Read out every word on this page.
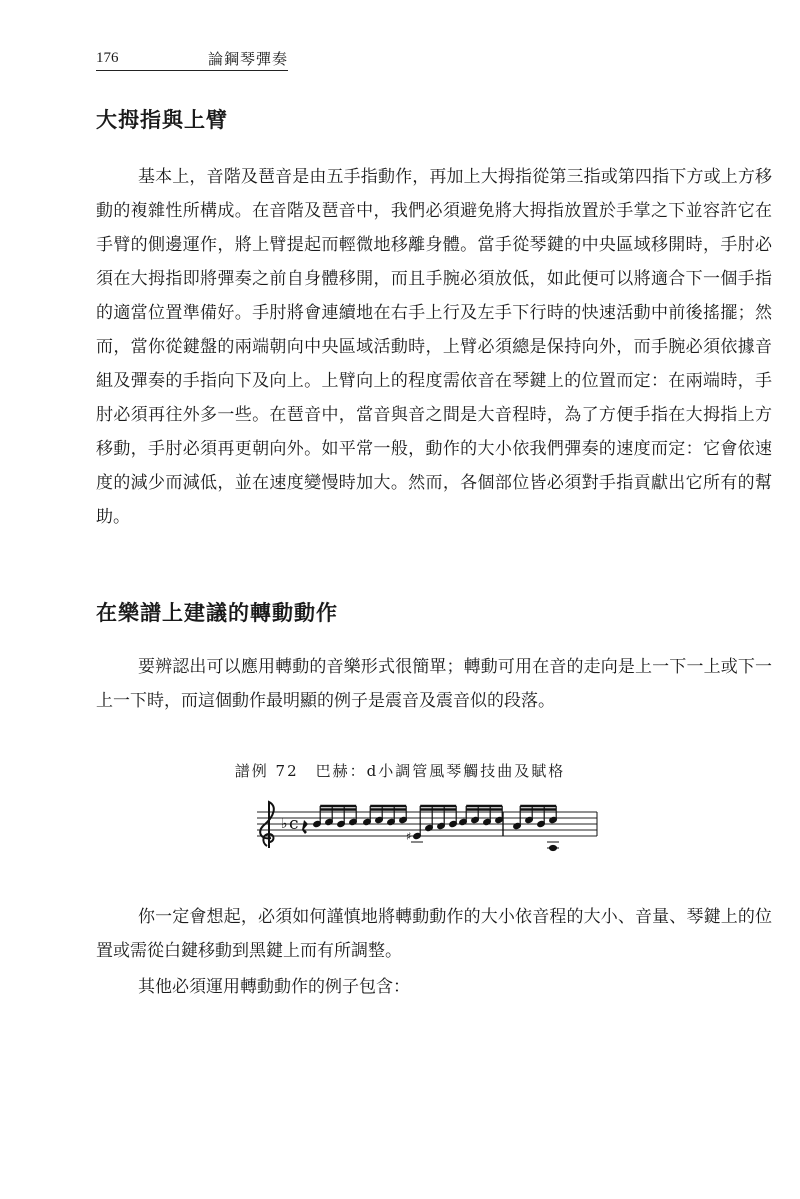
176	論鋼琴彈奏
大拇指與上臂

基本上，音階及琶音是由五手指動作，再加上大拇指從第三指或第四指下方或上方移動的複雜性所構成。在音階及琶音中，我們必須避免將大拇指放置於手掌之下並容許它在手臂的側邊運作，將上臂提起而輕微地移離身體。當手從琴鍵的中央區域移開時，手肘必須在大拇指即將彈奏之前自身體移開，而且手腕必須放低，如此便可以將適合下一個手指的適當位置準備好。手肘將會連續地在右手上行及左手下行時的快速活動中前後搖擺；然而，當你從鍵盤的兩端朝向中央區域活動時，上臂必須總是保持向外，而手腕必須依據音組及彈奏的手指向下及向上。上臂向上的程度需依音在琴鍵上的位置而定：在兩端時，手肘必須再往外多一些。在琶音中，當音與音之間是大音程時，為了方便手指在大拇指上方移動，手肘必須再更朝向外。如平常一般，動作的大小依我們彈奏的速度而定：它會依速度的減少而減低，並在速度變慢時加大。然而，各個部位皆必須對手指貢獻出它所有的幫助。

在樂譜上建議的轉動動作

要辨認出可以應用轉動的音樂形式很簡單；轉動可用在音的走向是上一下一上或下一上一下時，而這個動作最明顯的例子是震音及震音似的段落。

譜例 72　巴赫：d小調管風琴觸技曲及賦格
♭ c
♯

你一定會想起，必須如何謹慎地將轉動動作的大小依音程的大小、音量、琴鍵上的位置或需從白鍵移動到黑鍵上而有所調整。

其他必須運用轉動動作的例子包含：
